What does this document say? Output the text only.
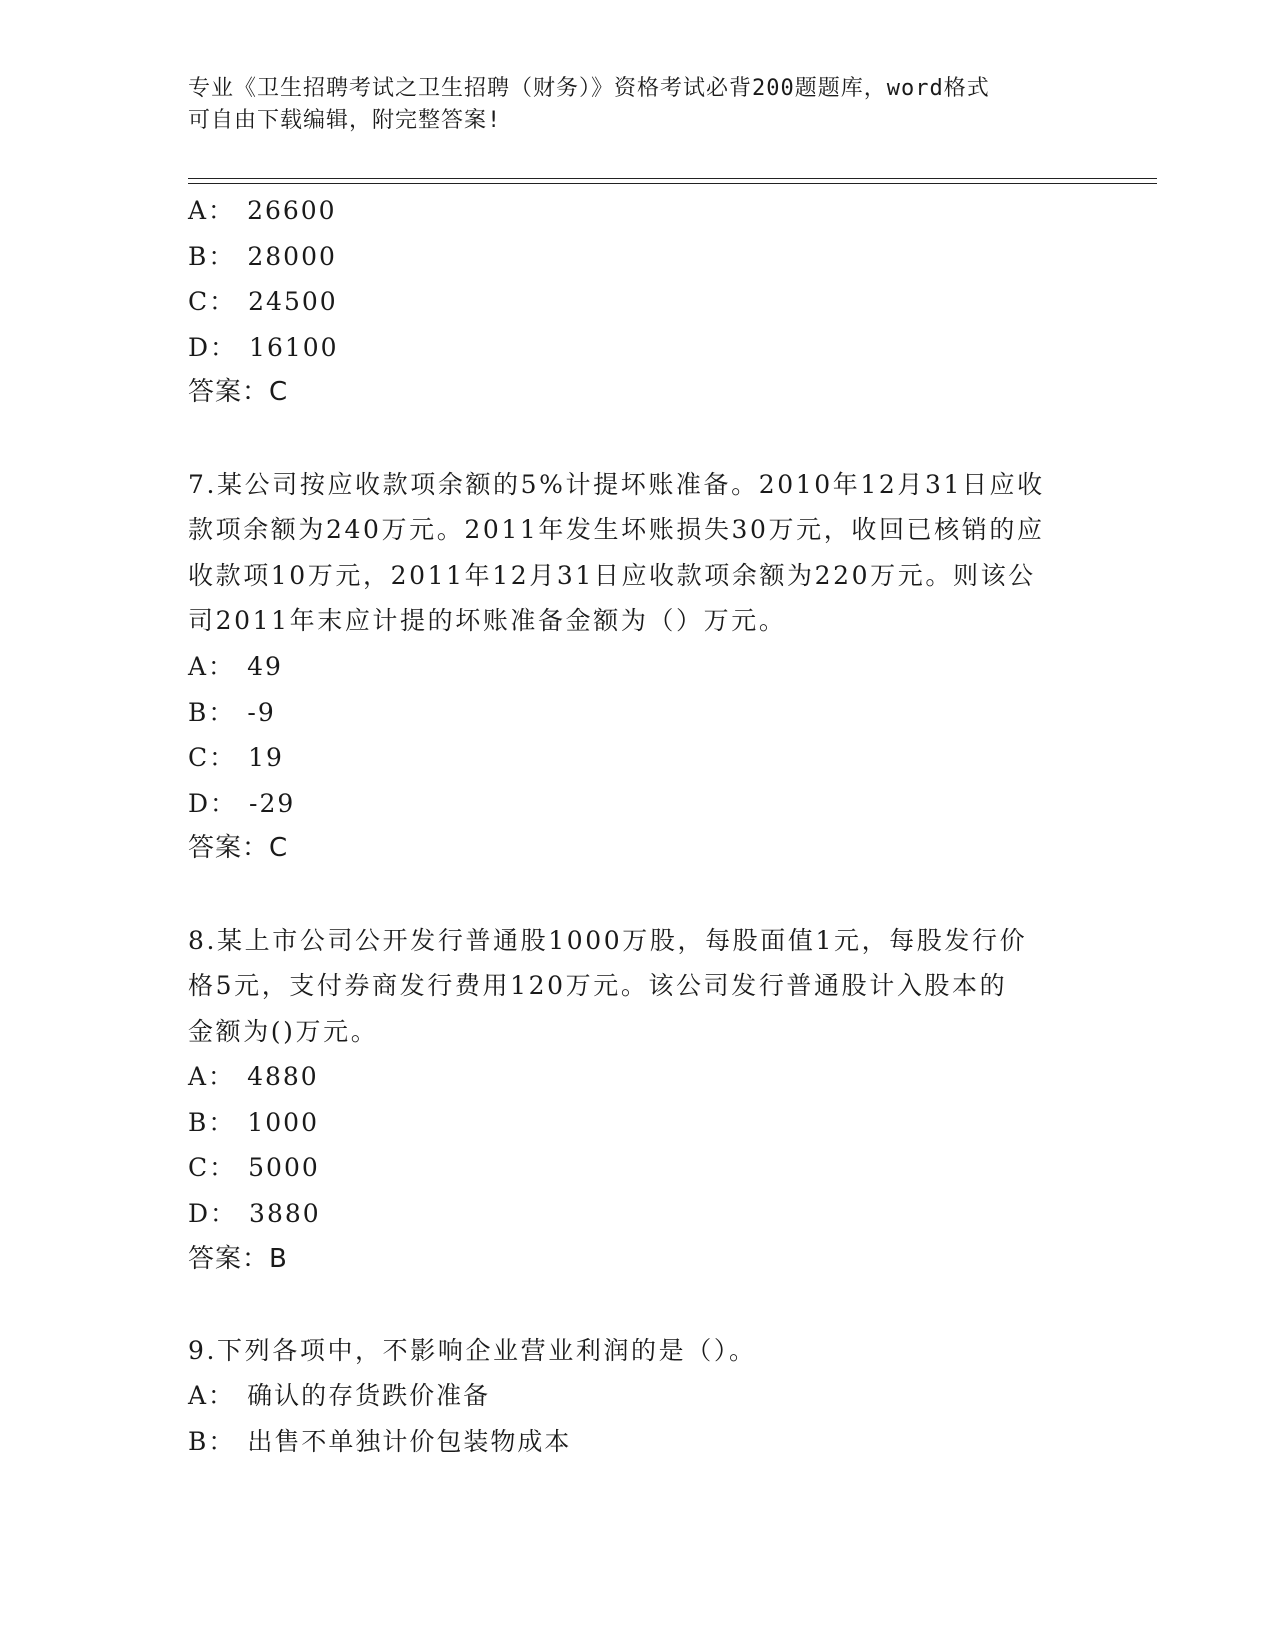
专业《卫生招聘考试之卫生招聘（财务）》资格考试必背200题题库，word格式
可自由下载编辑，附完整答案!
A： 26600
B： 28000
C： 24500
D： 16100
答案：C
7.某公司按应收款项余额的5%计提坏账准备。2010年12月31日应收
款项余额为240万元。2011年发生坏账损失30万元，收回已核销的应
收款项10万元，2011年12月31日应收款项余额为220万元。则该公
司2011年末应计提的坏账准备金额为（）万元。
A： 49
B： -9
C： 19
D： -29
答案：C
8.某上市公司公开发行普通股1000万股，每股面值1元，每股发行价
格5元，支付券商发行费用120万元。该公司发行普通股计入股本的
金额为()万元。
A： 4880
B： 1000
C： 5000
D： 3880
答案：B
9.下列各项中，不影响企业营业利润的是（）。
A： 确认的存货跌价准备
B： 出售不单独计价包装物成本
